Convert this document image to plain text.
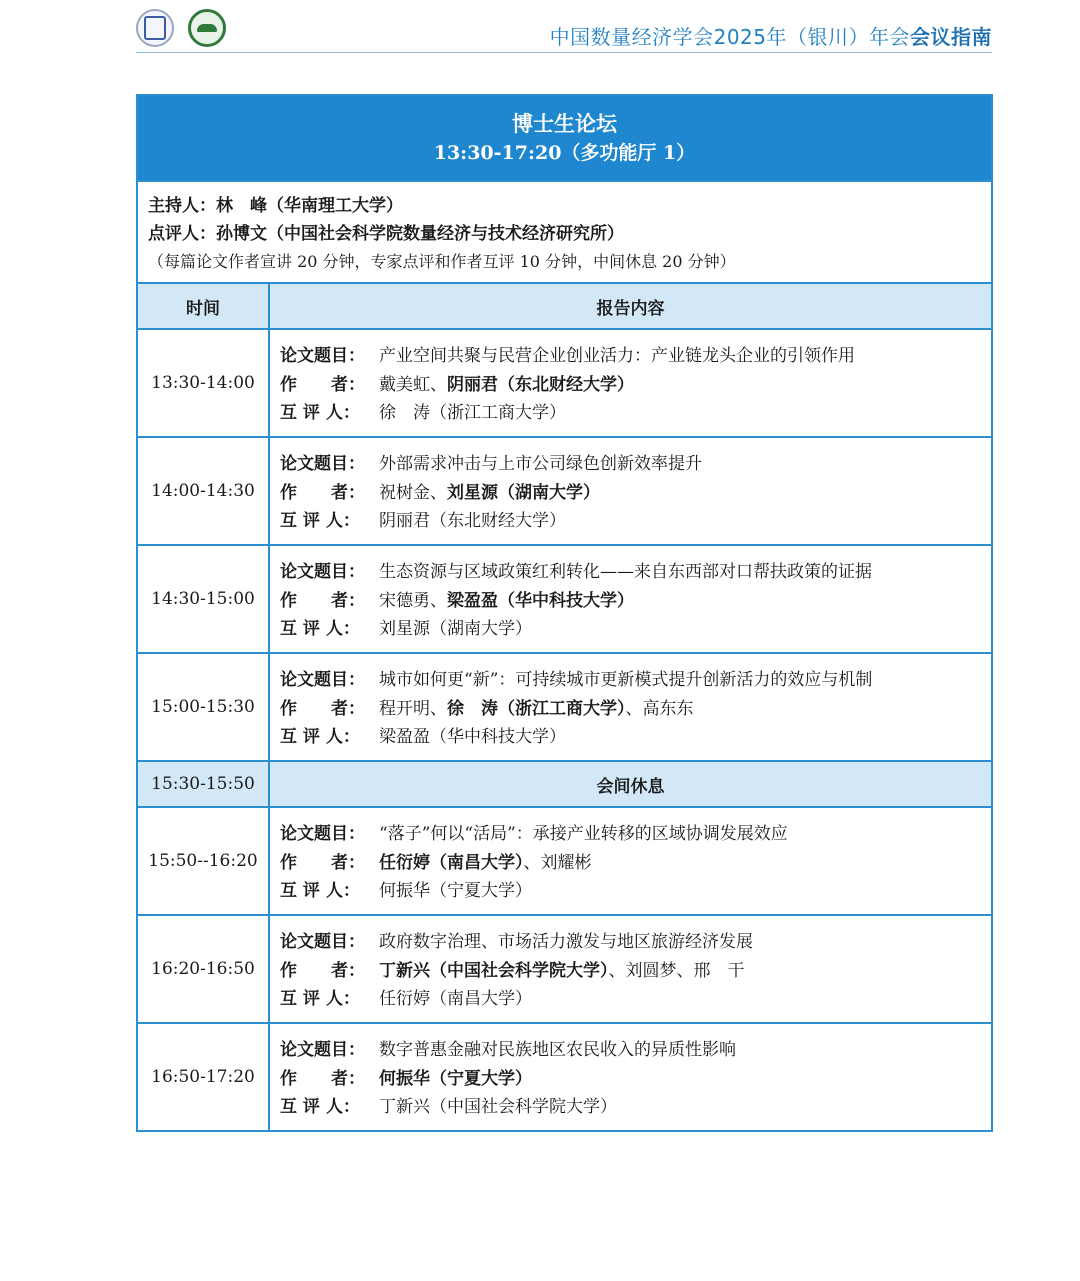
中国数量经济学会2025年（银川）年会会议指南
博士生论坛
13:30-17:20（多功能厅 1）
主持人：林　峰（华南理工大学）
点评人：孙博文（中国社会科学院数量经济与技术经济研究所）
（每篇论文作者宣讲 20 分钟，专家点评和作者互评 10 分钟，中间休息 20 分钟）
时间	报告内容
13:30-14:00
论文题目： 产业空间共聚与民营企业创业活力：产业链龙头企业的引领作用
作　　者： 戴美虹、阴丽君（东北财经大学）
互 评 人： 徐　涛（浙江工商大学）
14:00-14:30
论文题目： 外部需求冲击与上市公司绿色创新效率提升
作　　者： 祝树金、刘星源（湖南大学）
互 评 人： 阴丽君（东北财经大学）
14:30-15:00
论文题目： 生态资源与区域政策红利转化——来自东西部对口帮扶政策的证据
作　　者： 宋德勇、梁盈盈（华中科技大学）
互 评 人： 刘星源（湖南大学）
15:00-15:30
论文题目： 城市如何更“新”：可持续城市更新模式提升创新活力的效应与机制
作　　者： 程开明、徐　涛（浙江工商大学）、高东东
互 评 人： 梁盈盈（华中科技大学）
15:30-15:50	会间休息
15:50--16:20
论文题目： “落子”何以“活局”：承接产业转移的区域协调发展效应
作　　者： 任衍婷（南昌大学）、刘耀彬
互 评 人： 何振华（宁夏大学）
16:20-16:50
论文题目： 政府数字治理、市场活力激发与地区旅游经济发展
作　　者： 丁新兴（中国社会科学院大学）、刘圆梦、邢　干
互 评 人： 任衍婷（南昌大学）
16:50-17:20
论文题目： 数字普惠金融对民族地区农民收入的异质性影响
作　　者： 何振华（宁夏大学）
互 评 人： 丁新兴（中国社会科学院大学）
